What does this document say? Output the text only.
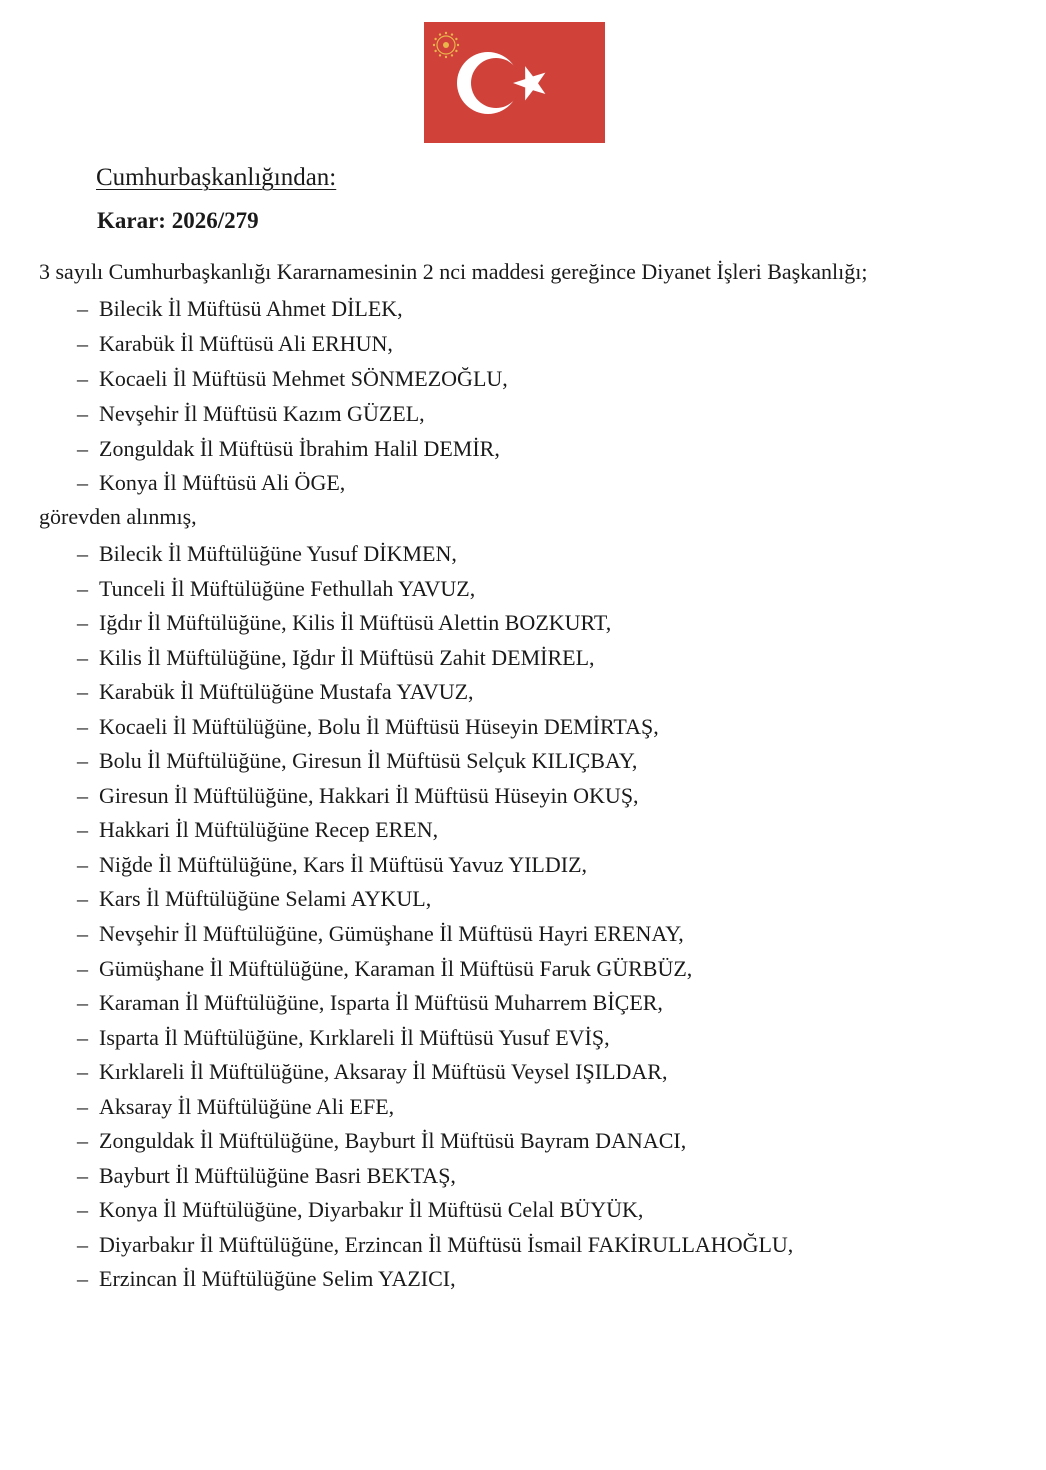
Cumhurbaşkanlığından:
Karar: 2026/279
3 sayılı Cumhurbaşkanlığı Kararnamesinin 2 nci maddesi gereğince Diyanet İşleri Başkanlığı;
– Bilecik İl Müftüsü Ahmet DİLEK,
– Karabük İl Müftüsü Ali ERHUN,
– Kocaeli İl Müftüsü Mehmet SÖNMEZOĞLU,
– Nevşehir İl Müftüsü Kazım GÜZEL,
– Zonguldak İl Müftüsü İbrahim Halil DEMİR,
– Konya İl Müftüsü Ali ÖGE,
görevden alınmış,
– Bilecik İl Müftülüğüne Yusuf DİKMEN,
– Tunceli İl Müftülüğüne Fethullah YAVUZ,
– Iğdır İl Müftülüğüne, Kilis İl Müftüsü Alettin BOZKURT,
– Kilis İl Müftülüğüne, Iğdır İl Müftüsü Zahit DEMİREL,
– Karabük İl Müftülüğüne Mustafa YAVUZ,
– Kocaeli İl Müftülüğüne, Bolu İl Müftüsü Hüseyin DEMİRTAŞ,
– Bolu İl Müftülüğüne, Giresun İl Müftüsü Selçuk KILIÇBAY,
– Giresun İl Müftülüğüne, Hakkari İl Müftüsü Hüseyin OKUŞ,
– Hakkari İl Müftülüğüne Recep EREN,
– Niğde İl Müftülüğüne, Kars İl Müftüsü Yavuz YILDIZ,
– Kars İl Müftülüğüne Selami AYKUL,
– Nevşehir İl Müftülüğüne, Gümüşhane İl Müftüsü Hayri ERENAY,
– Gümüşhane İl Müftülüğüne, Karaman İl Müftüsü Faruk GÜRBÜZ,
– Karaman İl Müftülüğüne, Isparta İl Müftüsü Muharrem BİÇER,
– Isparta İl Müftülüğüne, Kırklareli İl Müftüsü Yusuf EVİŞ,
– Kırklareli İl Müftülüğüne, Aksaray İl Müftüsü Veysel IŞILDAR,
– Aksaray İl Müftülüğüne Ali EFE,
– Zonguldak İl Müftülüğüne, Bayburt İl Müftüsü Bayram DANACI,
– Bayburt İl Müftülüğüne Basri BEKTAŞ,
– Konya İl Müftülüğüne, Diyarbakır İl Müftüsü Celal BÜYÜK,
– Diyarbakır İl Müftülüğüne, Erzincan İl Müftüsü İsmail FAKİRULLAHOĞLU,
– Erzincan İl Müftülüğüne Selim YAZICI,
